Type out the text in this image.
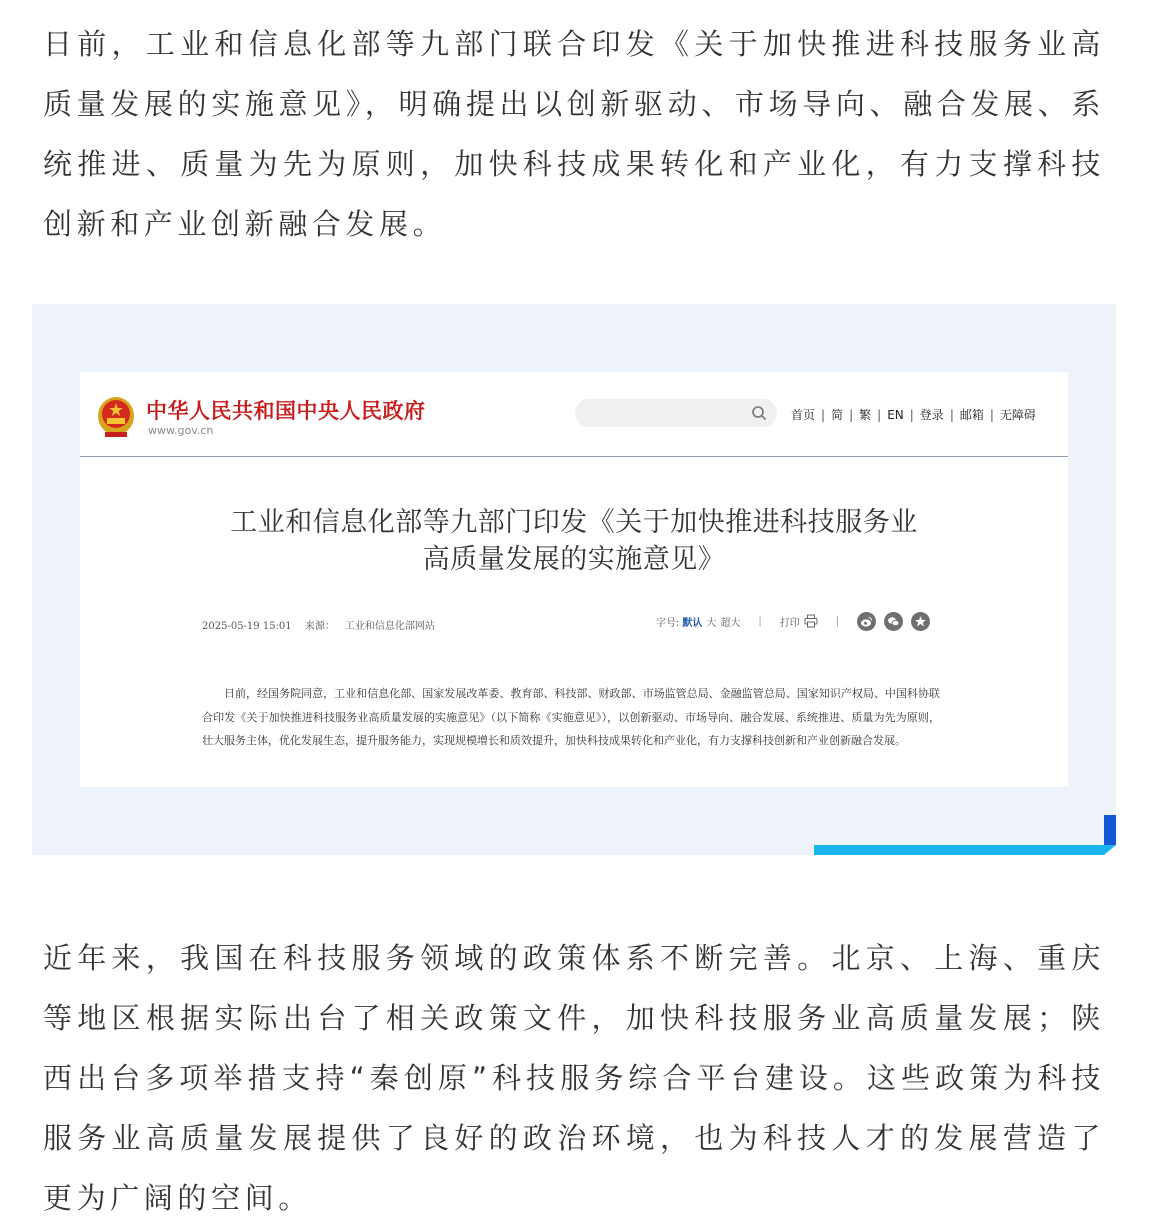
日前，工业和信息化部等九部门联合印发《关于加快推进科技服务业高质量发展的实施意见》，明确提出以创新驱动、市场导向、融合发展、系统推进、质量为先为原则，加快科技成果转化和产业化，有力支撑科技创新和产业创新融合发展。

中华人民共和国中央人民政府
www.gov.cn
首页 | 简 | 繁 | EN | 登录 | 邮箱 | 无障碍
工业和信息化部等九部门印发《关于加快推进科技服务业
高质量发展的实施意见》
2025-05-19 15:01 来源： 工业和信息化部网站	字号: 默认 大 超大 | 打印	|

日前，经国务院同意，工业和信息化部、国家发展改革委、教育部、科技部、财政部、市场监管总局、金融监管总局、国家知识产权局、中国科协联合印发《关于加快推进科技服务业高质量发展的实施意见》（以下简称《实施意见》），以创新驱动、市场导向、融合发展、系统推进、质量为先为原则，壮大服务主体，优化发展生态，提升服务能力，实现规模增长和质效提升，加快科技成果转化和产业化，有力支撑科技创新和产业创新融合发展。

近年来，我国在科技服务领域的政策体系不断完善。北京、上海、重庆等地区根据实际出台了相关政策文件，加快科技服务业高质量发展；陕西出台多项举措支持“秦创原”科技服务综合平台建设。这些政策为科技服务业高质量发展提供了良好的政治环境，也为科技人才的发展营造了更为广阔的空间。
